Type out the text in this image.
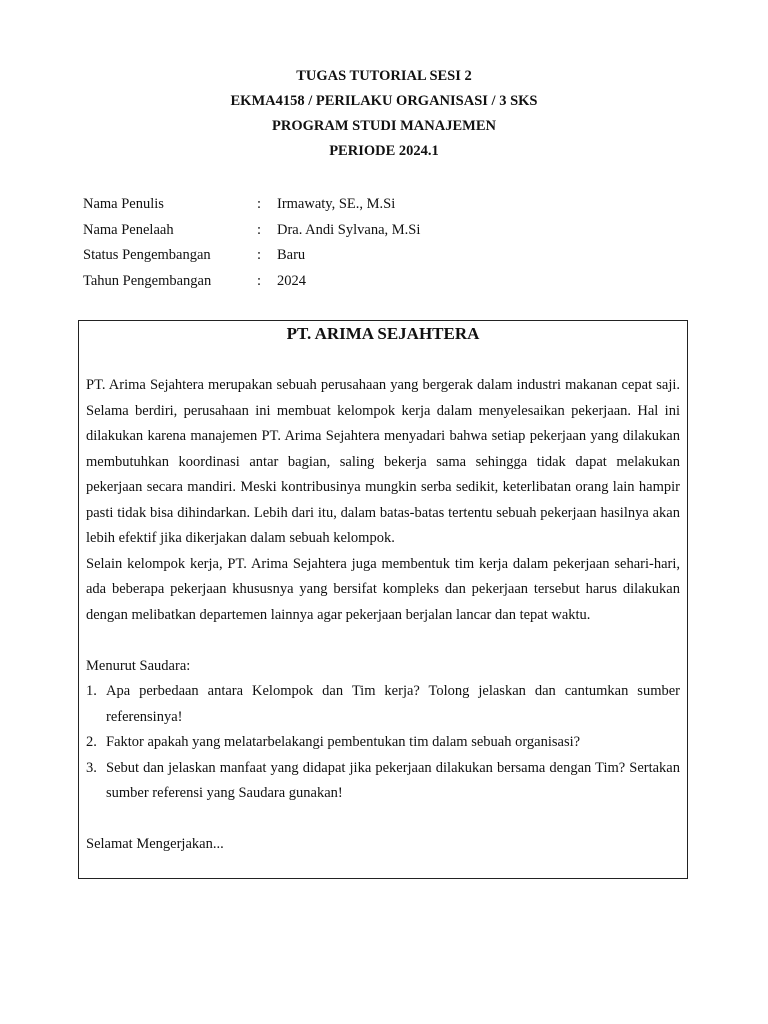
TUGAS TUTORIAL SESI 2
EKMA4158 / PERILAKU ORGANISASI / 3 SKS
PROGRAM STUDI MANAJEMEN
PERIODE 2024.1
Nama Penulis	:	Irmawaty, SE., M.Si
Nama Penelaah	:	Dra. Andi Sylvana, M.Si
Status Pengembangan	:	Baru
Tahun Pengembangan	:	2024
PT. ARIMA SEJAHTERA

PT. Arima Sejahtera merupakan sebuah perusahaan yang bergerak dalam industri makanan cepat saji. Selama berdiri, perusahaan ini membuat kelompok kerja dalam menyelesaikan pekerjaan. Hal ini dilakukan karena manajemen PT. Arima Sejahtera menyadari bahwa setiap pekerjaan yang dilakukan membutuhkan koordinasi antar bagian, saling bekerja sama sehingga tidak dapat melakukan pekerjaan secara mandiri. Meski kontribusinya mungkin serba sedikit, keterlibatan orang lain hampir pasti tidak bisa dihindarkan. Lebih dari itu, dalam batas-batas tertentu sebuah pekerjaan hasilnya akan lebih efektif jika dikerjakan dalam sebuah kelompok.

Selain kelompok kerja, PT. Arima Sejahtera juga membentuk tim kerja dalam pekerjaan sehari-hari, ada beberapa pekerjaan khususnya yang bersifat kompleks dan pekerjaan tersebut harus dilakukan dengan melibatkan departemen lainnya agar pekerjaan berjalan lancar dan tepat waktu.

Menurut Saudara:

1. Apa perbedaan antara Kelompok dan Tim kerja? Tolong jelaskan dan cantumkan sumber referensinya!
2. Faktor apakah yang melatarbelakangi pembentukan tim dalam sebuah organisasi?
3. Sebut dan jelaskan manfaat yang didapat jika pekerjaan dilakukan bersama dengan Tim? Sertakan sumber referensi yang Saudara gunakan!

Selamat Mengerjakan...
